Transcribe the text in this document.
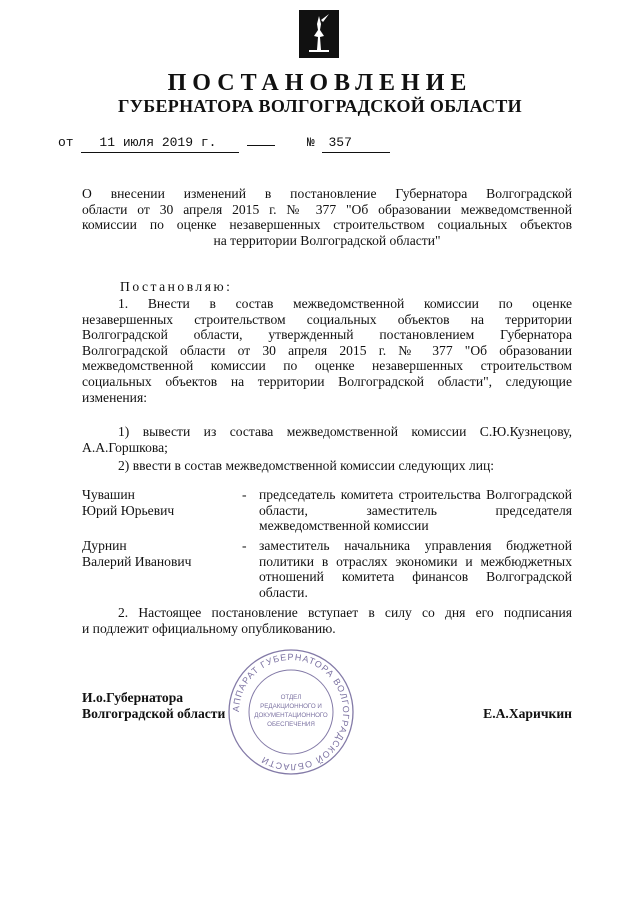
ПОСТАНОВЛЕНИЕ
ГУБЕРНАТОРА ВОЛГОГРАДСКОЙ ОБЛАСТИ
от 11 июля 2019 г.	№ 357
О внесении изменений в постановление Губернатора Волгоградской
области от 30 апреля 2015 г. № 377 "Об образовании межведомственной
комиссии по оценке незавершенных строительством социальных объектов
на территории Волгоградской области"
Постановляю:
1. Внести в состав межведомственной комиссии по оценке
незавершенных строительством социальных объектов на территории
Волгоградской области, утвержденный постановлением Губернатора
Волгоградской области от 30 апреля 2015 г. № 377 "Об образовании
межведомственной комиссии по оценке незавершенных строительством
социальных объектов на территории Волгоградской области", следующие
изменения:
1) вывести из состава межведомственной комиссии С.Ю.Кузнецову,
А.А.Горшкова;
2) ввести в состав межведомственной комиссии следующих лиц:
Чувашин
Юрий Юрьевич
- председатель комитета строительства Волгоградской области, заместитель председателя межведомственной комиссии
Дурнин
Валерий Иванович
- заместитель начальника управления бюджетной политики в отраслях экономики и межбюджетных отношений комитета финансов Волгоградской области.
2. Настоящее постановление вступает в силу со дня его подписания
и подлежит официальному опубликованию.
АППАРАТ ГУБЕРНАТОРА ВОЛГОГРАДСКОЙ ОБЛАСТИ
ОТДЕЛ
РЕДАКЦИОННОГО И
ДОКУМЕНТАЦИОННОГО
ОБЕСПЕЧЕНИЯ
И.о.Губернатора
Волгоградской области	Е.А.Харичкин
